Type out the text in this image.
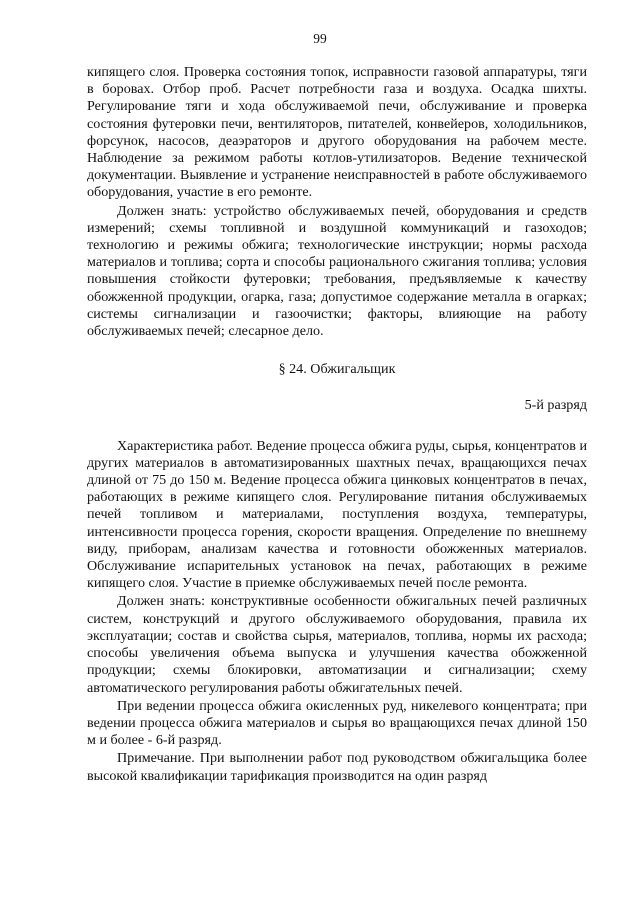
99

кипящего слоя. Проверка состояния топок, исправности газовой аппаратуры, тяги в боровах. Отбор проб. Расчет потребности газа и воздуха. Осадка шихты. Регулирование тяги и хода обслуживаемой печи, обслуживание и проверка состояния футеровки печи, вентиляторов, питателей, конвейеров, холодильников, форсунок, насосов, деаэраторов и другого оборудования на рабочем месте. Наблюдение за режимом работы котлов-утилизаторов. Ведение технической документации. Выявление и устранение неисправностей в работе обслуживаемого оборудования, участие в его ремонте.

Должен знать: устройство обслуживаемых печей, оборудования и средств измерений; схемы топливной и воздушной коммуникаций и газоходов; технологию и режимы обжига; технологические инструкции; нормы расхода материалов и топлива; сорта и способы рационального сжигания топлива; условия повышения стойкости футеровки; требования, предъявляемые к качеству обожженной продукции, огарка, газа; допустимое содержание металла в огарках; системы сигнализации и газоочистки; факторы, влияющие на работу обслуживаемых печей; слесарное дело.

§ 24. Обжигальщик

5-й разряд

Характеристика работ. Ведение процесса обжига руды, сырья, концентратов и других материалов в автоматизированных шахтных печах, вращающихся печах длиной от 75 до 150 м. Ведение процесса обжига цинковых концентратов в печах, работающих в режиме кипящего слоя. Регулирование питания обслуживаемых печей топливом и материалами, поступления воздуха, температуры, интенсивности процесса горения, скорости вращения. Определение по внешнему виду, приборам, анализам качества и готовности обожженных материалов. Обслуживание испарительных установок на печах, работающих в режиме кипящего слоя. Участие в приемке обслуживаемых печей после ремонта.

Должен знать: конструктивные особенности обжигальных печей различных систем, конструкций и другого обслуживаемого оборудования, правила их эксплуатации; состав и свойства сырья, материалов, топлива, нормы их расхода; способы увеличения объема выпуска и улучшения качества обожженной продукции; схемы блокировки, автоматизации и сигнализации; схему автоматического регулирования работы обжигательных печей.

При ведении процесса обжига окисленных руд, никелевого концентрата; при ведении процесса обжига материалов и сырья во вращающихся печах длиной 150 м и более - 6-й разряд.

Примечание. При выполнении работ под руководством обжигальщика более высокой квалификации тарификация производится на один разряд
